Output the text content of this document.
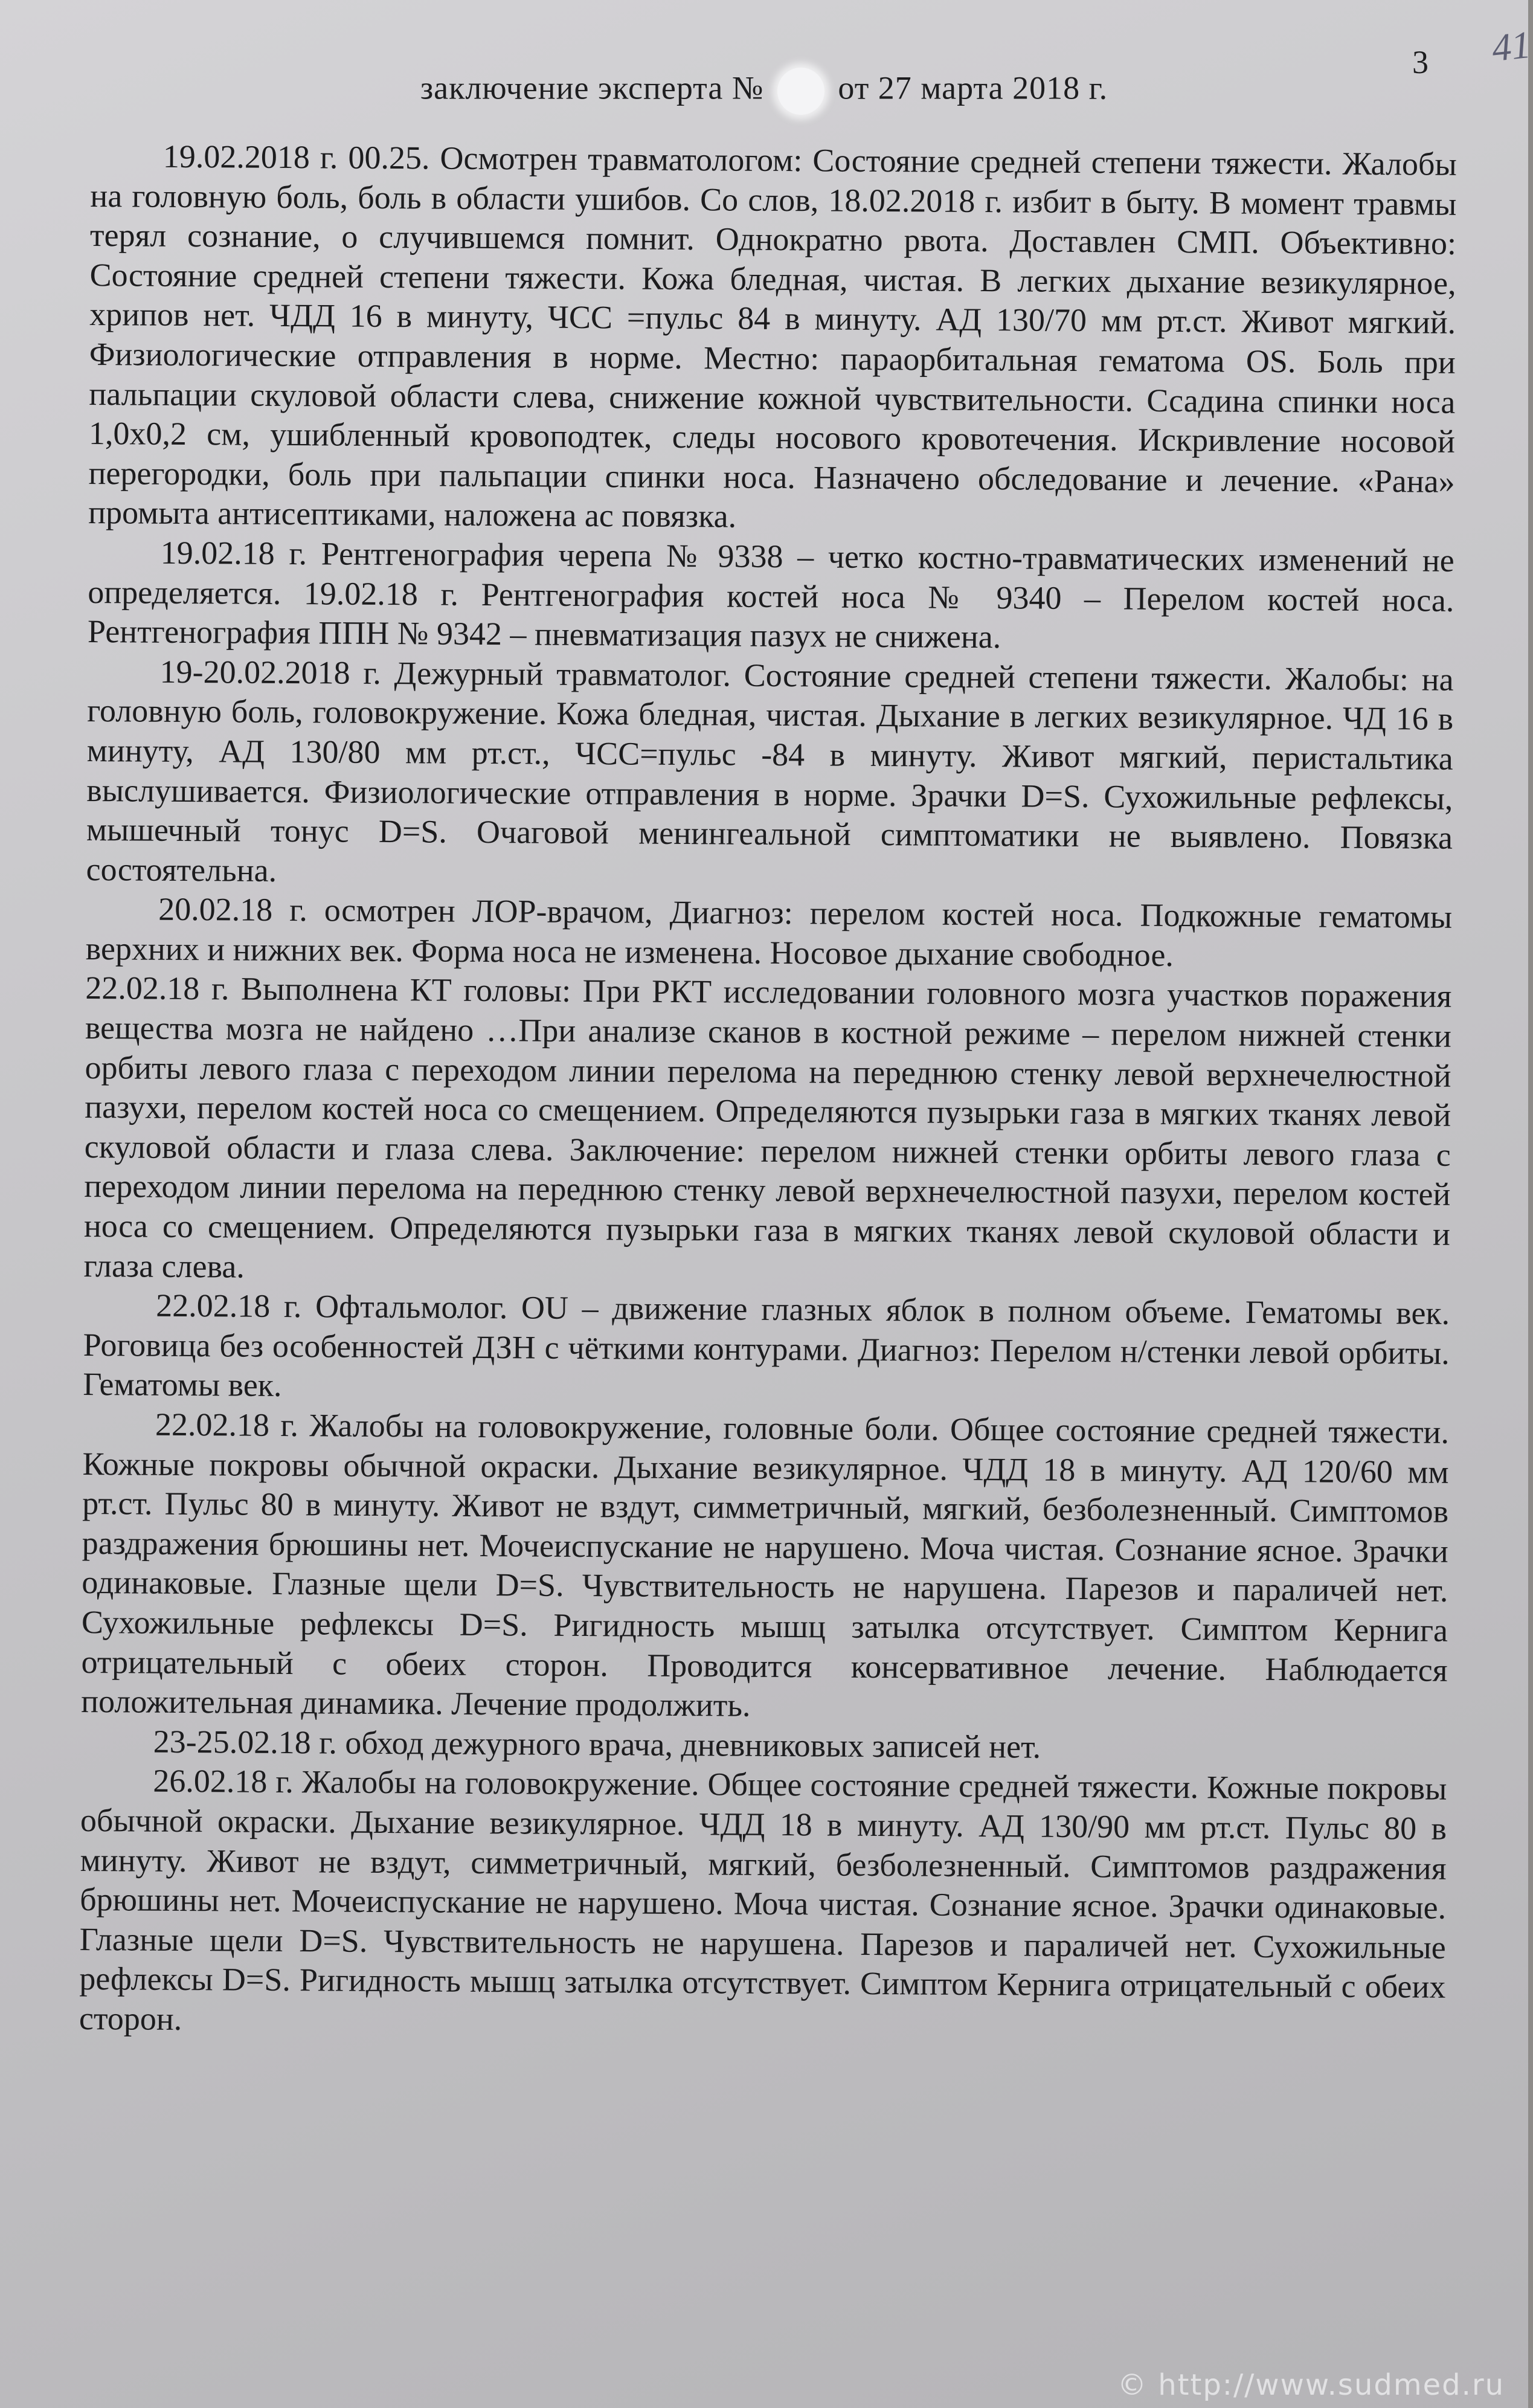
3 41
заключение эксперта № от 27 марта 2018 г.

19.02.2018 г. 00.25. Осмотрен травматологом: Состояние средней степени тяжести. Жалобы на головную боль, боль в области ушибов. Со слов, 18.02.2018 г. избит в быту. В момент травмы терял сознание, о случившемся помнит. Однократно рвота. Доставлен СМП. Объективно: Состояние средней степени тяжести. Кожа бледная, чистая. В легких дыхание везикулярное, хрипов нет. ЧДД 16 в минуту, ЧСС =пульс 84 в минуту. АД 130/70 мм рт.ст. Живот мягкий. Физиологические отправления в норме. Местно: параорбитальная гематома OS. Боль при пальпации скуловой области слева, снижение кожной чувствительности. Ссадина спинки носа 1,0х0,2 см, ушибленный кровоподтек, следы носового кровотечения. Искривление носовой перегородки, боль при пальпации спинки носа. Назначено обследование и лечение. «Рана» промыта антисептиками, наложена ас повязка.

19.02.18 г. Рентгенография черепа № 9338 – четко костно-травматических изменений не определяется. 19.02.18 г. Рентгенография костей носа № 9340 – Перелом костей носа. Рентгенография ППН № 9342 – пневматизация пазух не снижена.

19-20.02.2018 г. Дежурный травматолог. Состояние средней степени тяжести. Жалобы: на головную боль, головокружение. Кожа бледная, чистая. Дыхание в легких везикулярное. ЧД 16 в минуту, АД 130/80 мм рт.ст., ЧСС=пульс -84 в минуту. Живот мягкий, перистальтика выслушивается. Физиологические отправления в норме. Зрачки D=S. Сухожильные рефлексы, мышечный тонус D=S. Очаговой менингеальной симптоматики не выявлено. Повязка состоятельна.

20.02.18 г. осмотрен ЛОР-врачом, Диагноз: перелом костей носа. Подкожные гематомы верхних и нижних век. Форма носа не изменена. Носовое дыхание свободное.

22.02.18 г. Выполнена КТ головы: При РКТ исследовании головного мозга участков поражения вещества мозга не найдено …При анализе сканов в костной режиме – перелом нижней стенки орбиты левого глаза с переходом линии перелома на переднюю стенку левой верхнечелюстной пазухи, перелом костей носа со смещением. Определяются пузырьки газа в мягких тканях левой скуловой области и глаза слева. Заключение: перелом нижней стенки орбиты левого глаза с переходом линии перелома на переднюю стенку левой верхнечелюстной пазухи, перелом костей носа со смещением. Определяются пузырьки газа в мягких тканях левой скуловой области и глаза слева.

22.02.18 г. Офтальмолог. OU – движение глазных яблок в полном объеме. Гематомы век. Роговица без особенностей ДЗН с чёткими контурами. Диагноз: Перелом н/стенки левой орбиты. Гематомы век.

22.02.18 г. Жалобы на головокружение, головные боли. Общее состояние средней тяжести. Кожные покровы обычной окраски. Дыхание везикулярное. ЧДД 18 в минуту. АД 120/60 мм рт.ст. Пульс 80 в минуту. Живот не вздут, симметричный, мягкий, безболезненный. Симптомов раздражения брюшины нет. Мочеиспускание не нарушено. Моча чистая. Сознание ясное. Зрачки одинаковые. Глазные щели D=S. Чувствительность не нарушена. Парезов и параличей нет. Сухожильные рефлексы D=S. Ригидность мышц затылка отсутствует. Симптом Кернига отрицательный с обеих сторон. Проводится консервативное лечение. Наблюдается положительная динамика. Лечение продолжить.

23-25.02.18 г. обход дежурного врача, дневниковых записей нет.

26.02.18 г. Жалобы на головокружение. Общее состояние средней тяжести. Кожные покровы обычной окраски. Дыхание везикулярное. ЧДД 18 в минуту. АД 130/90 мм рт.ст. Пульс 80 в минуту. Живот не вздут, симметричный, мягкий, безболезненный. Симптомов раздражения брюшины нет. Мочеиспускание не нарушено. Моча чистая. Сознание ясное. Зрачки одинаковые. Глазные щели D=S. Чувствительность не нарушена. Парезов и параличей нет. Сухожильные рефлексы D=S. Ригидность мышц затылка отсутствует. Симптом Кернига отрицательный с обеих сторон.

© http://www.sudmed.ru
